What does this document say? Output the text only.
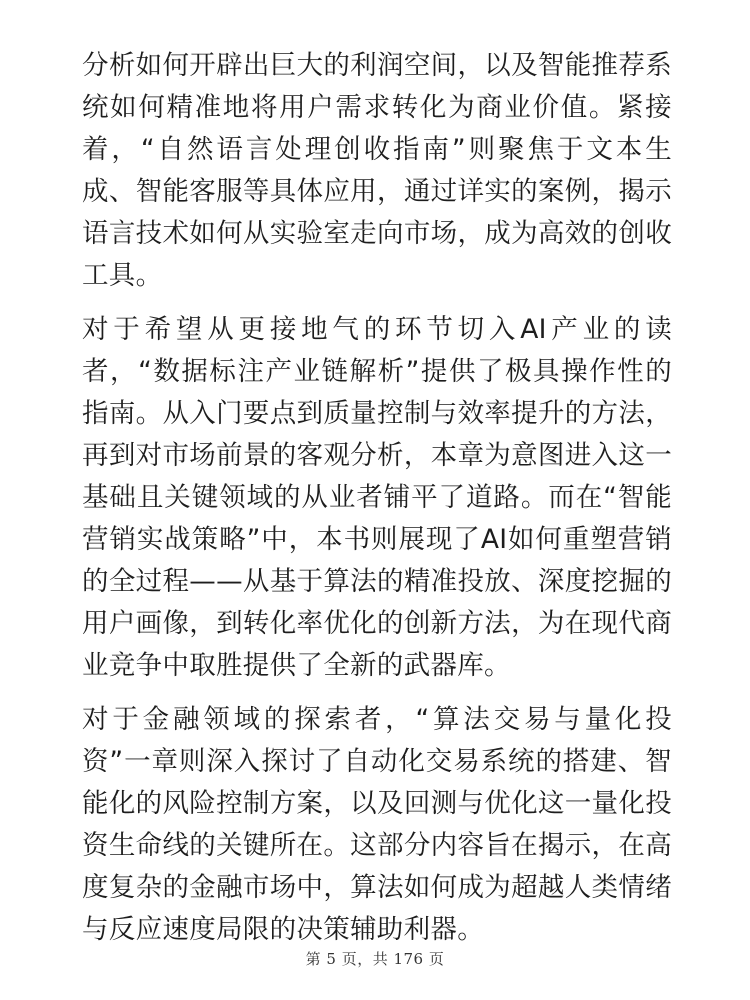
分析如何开辟出巨大的利润空间，以及智能推荐系统如何精准地将用户需求转化为商业价值。紧接着，“自然语言处理创收指南”则聚焦于文本生成、智能客服等具体应用，通过详实的案例，揭示语言技术如何从实验室走向市场，成为高效的创收工具。

对于希望从更接地气的环节切入AI产业的读者，“数据标注产业链解析”提供了极具操作性的指南。从入门要点到质量控制与效率提升的方法，再到对市场前景的客观分析，本章为意图进入这一基础且关键领域的从业者铺平了道路。而在“智能营销实战策略”中，本书则展现了AI如何重塑营销的全过程——从基于算法的精准投放、深度挖掘的用户画像，到转化率优化的创新方法，为在现代商业竞争中取胜提供了全新的武器库。

对于金融领域的探索者，“算法交易与量化投资”一章则深入探讨了自动化交易系统的搭建、智能化的风险控制方案，以及回测与优化这一量化投资生命线的关键所在。这部分内容旨在揭示，在高度复杂的金融市场中，算法如何成为超越人类情绪与反应速度局限的决策辅助利器。

第 5 页，共 176 页
